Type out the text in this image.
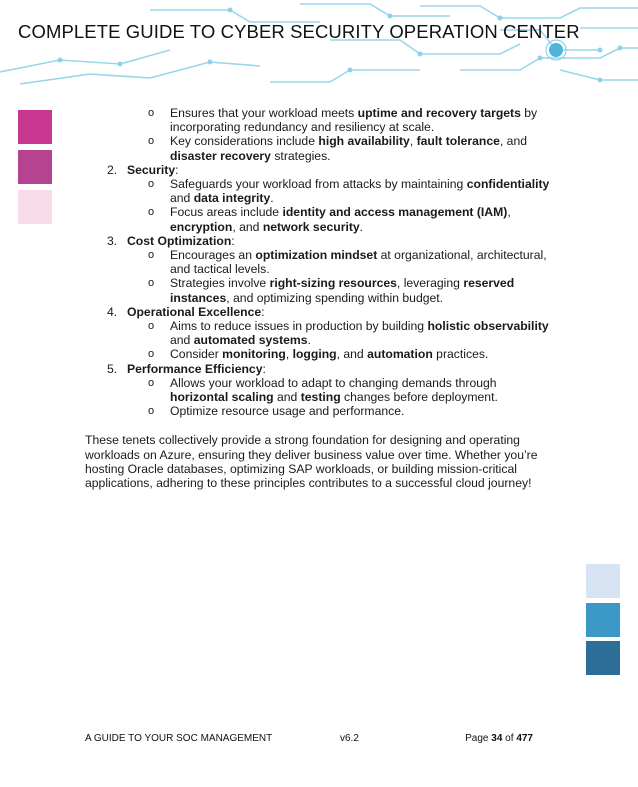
COMPLETE GUIDE TO CYBER SECURITY OPERATION CENTER
o Ensures that your workload meets uptime and recovery targets by incorporating redundancy and resiliency at scale.
o Key considerations include high availability, fault tolerance, and disaster recovery strategies.
2. Security:
o Safeguards your workload from attacks by maintaining confidentiality and data integrity.
o Focus areas include identity and access management (IAM), encryption, and network security.
3. Cost Optimization:
o Encourages an optimization mindset at organizational, architectural, and tactical levels.
o Strategies involve right-sizing resources, leveraging reserved instances, and optimizing spending within budget.
4. Operational Excellence:
o Aims to reduce issues in production by building holistic observability and automated systems.
o Consider monitoring, logging, and automation practices.
5. Performance Efficiency:
o Allows your workload to adapt to changing demands through horizontal scaling and testing changes before deployment.
o Optimize resource usage and performance.

These tenets collectively provide a strong foundation for designing and operating workloads on Azure, ensuring they deliver business value over time. Whether you’re hosting Oracle databases, optimizing SAP workloads, or building mission-critical applications, adhering to these principles contributes to a successful cloud journey!

A GUIDE TO YOUR SOC MANAGEMENT	v6.2	Page 34 of 477
